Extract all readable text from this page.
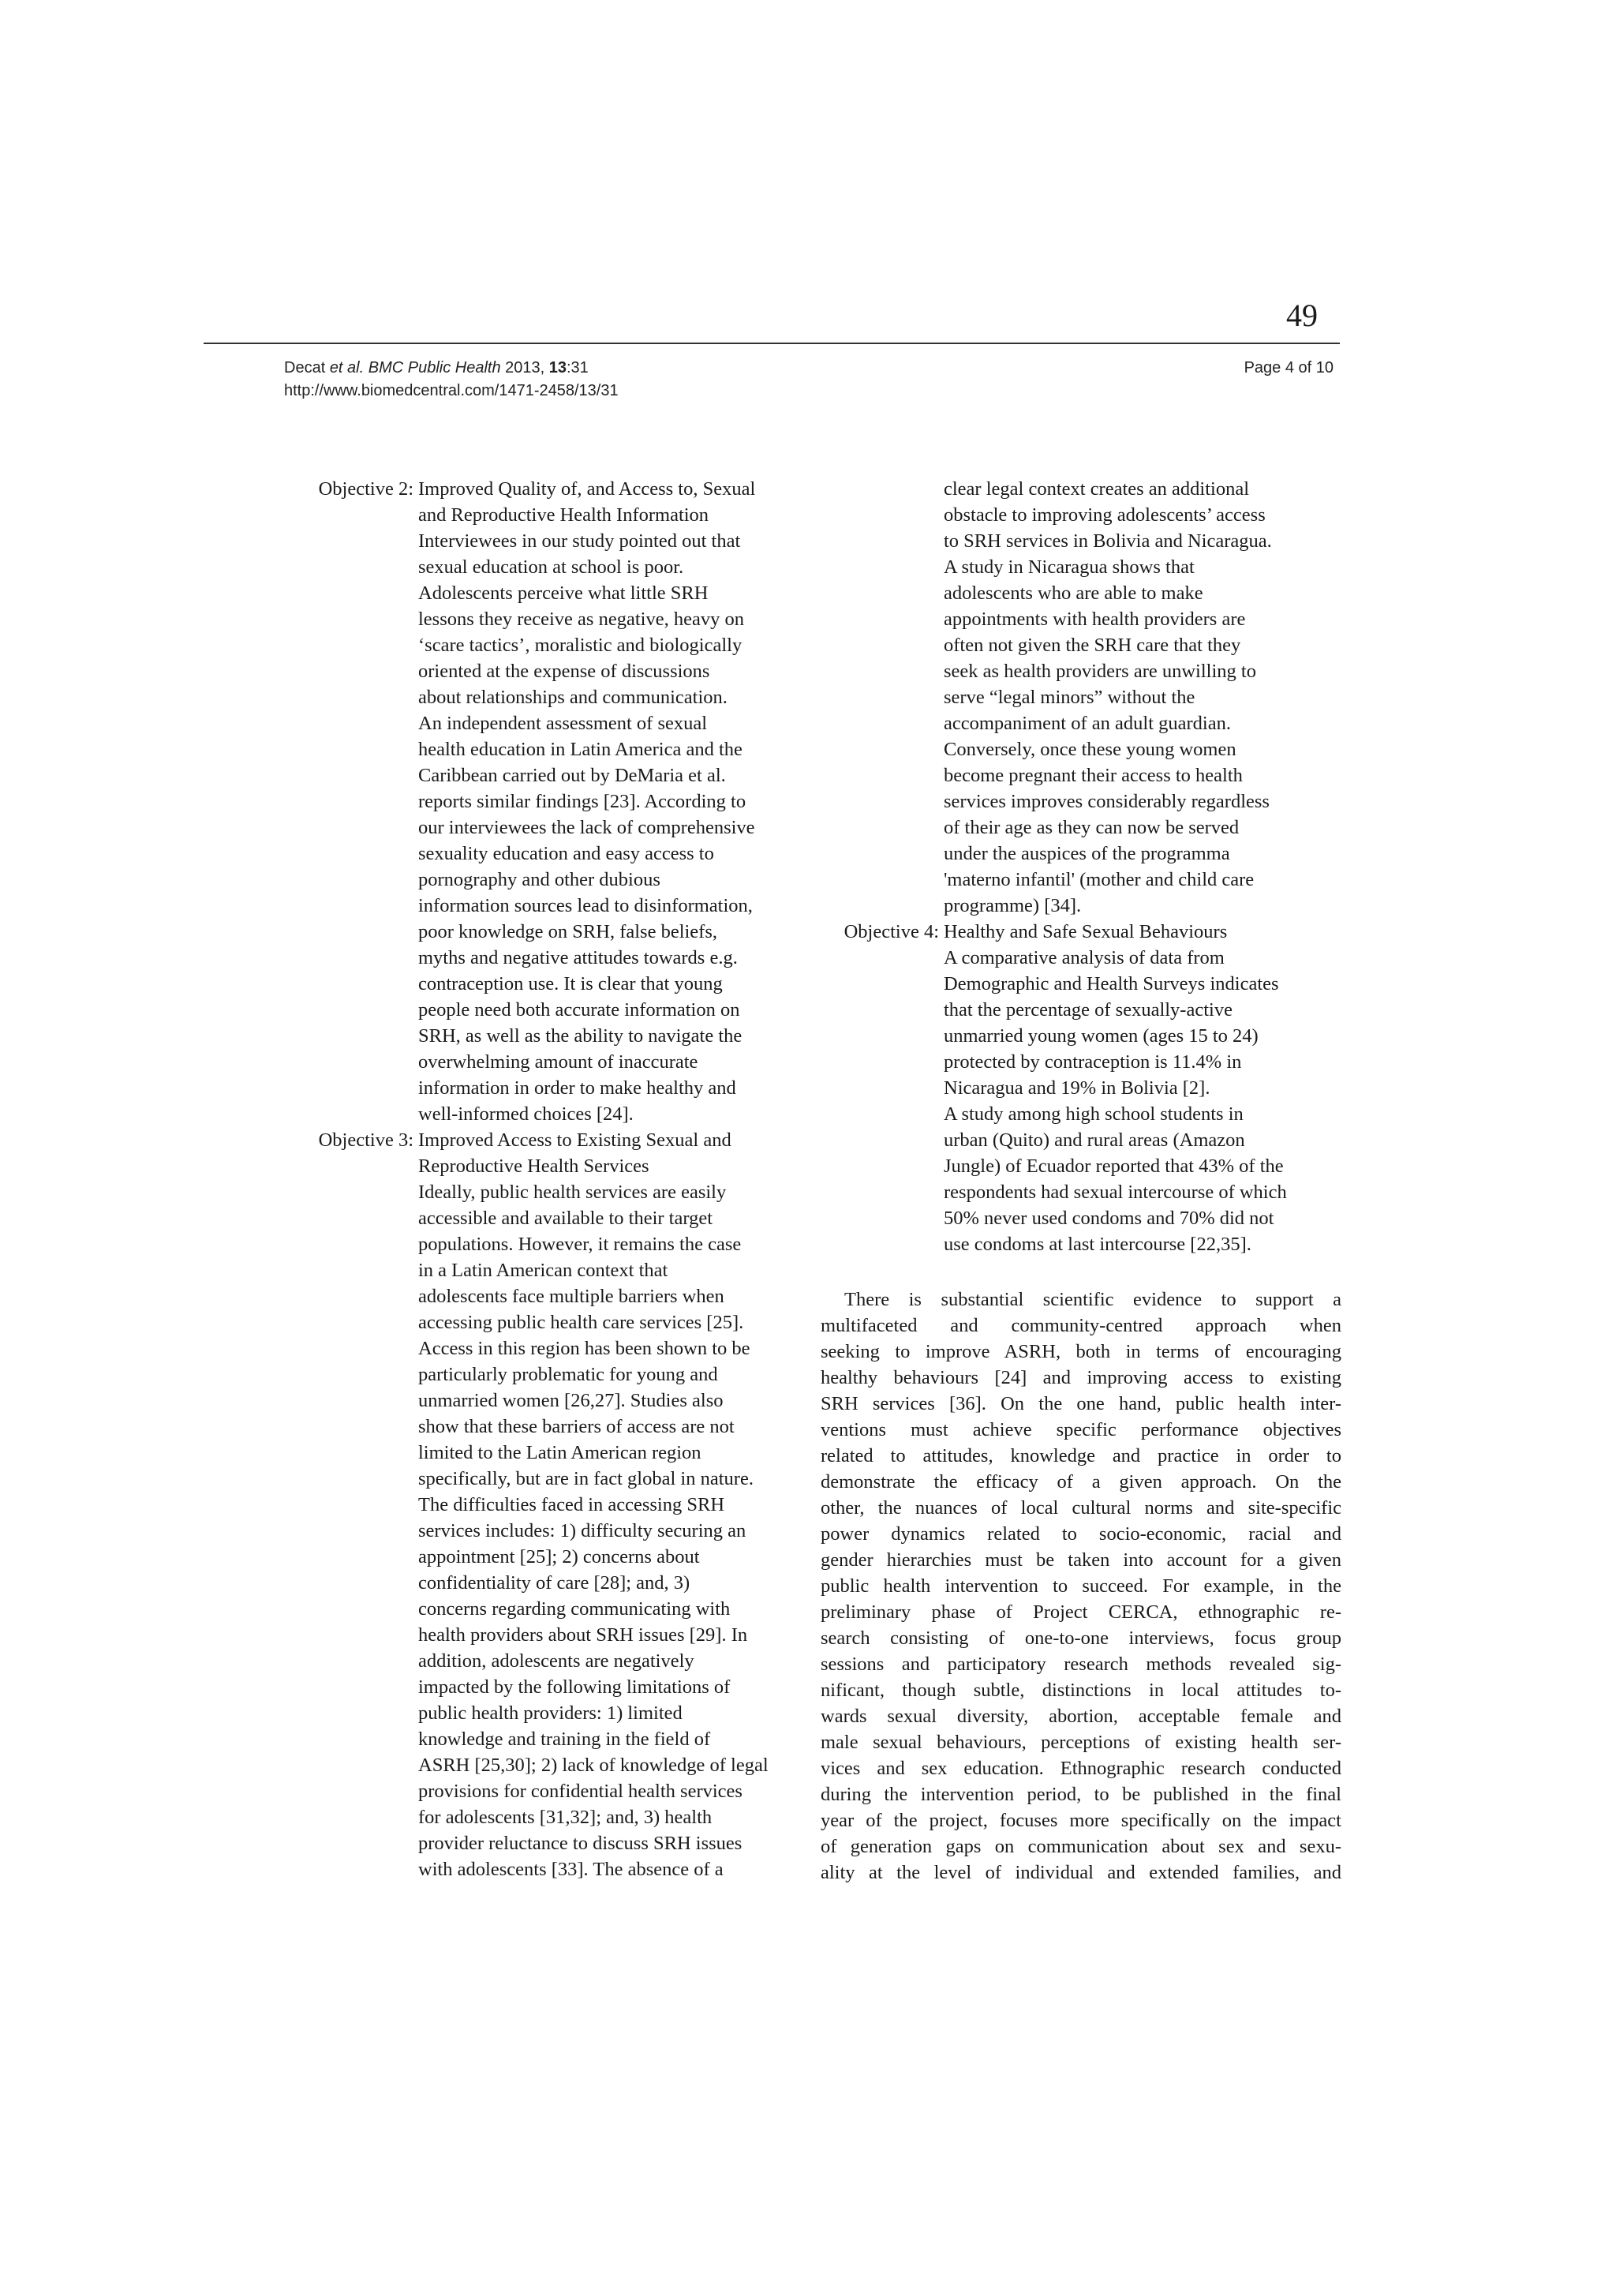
49
Decat et al. BMC Public Health 2013, 13:31
http://www.biomedcentral.com/1471-2458/13/31
Page 4 of 10
Objective 2: Improved Quality of, and Access to, Sexual
and Reproductive Health Information
Interviewees in our study pointed out that
sexual education at school is poor.
Adolescents perceive what little SRH
lessons they receive as negative, heavy on
‘scare tactics’, moralistic and biologically
oriented at the expense of discussions
about relationships and communication.
An independent assessment of sexual
health education in Latin America and the
Caribbean carried out by DeMaria et al.
reports similar findings [23]. According to
our interviewees the lack of comprehensive
sexuality education and easy access to
pornography and other dubious
information sources lead to disinformation,
poor knowledge on SRH, false beliefs,
myths and negative attitudes towards e.g.
contraception use. It is clear that young
people need both accurate information on
SRH, as well as the ability to navigate the
overwhelming amount of inaccurate
information in order to make healthy and
well-informed choices [24].
Objective 3: Improved Access to Existing Sexual and
Reproductive Health Services
Ideally, public health services are easily
accessible and available to their target
populations. However, it remains the case
in a Latin American context that
adolescents face multiple barriers when
accessing public health care services [25].
Access in this region has been shown to be
particularly problematic for young and
unmarried women [26,27]. Studies also
show that these barriers of access are not
limited to the Latin American region
specifically, but are in fact global in nature.
The difficulties faced in accessing SRH
services includes: 1) difficulty securing an
appointment [25]; 2) concerns about
confidentiality of care [28]; and, 3)
concerns regarding communicating with
health providers about SRH issues [29]. In
addition, adolescents are negatively
impacted by the following limitations of
public health providers: 1) limited
knowledge and training in the field of
ASRH [25,30]; 2) lack of knowledge of legal
provisions for confidential health services
for adolescents [31,32]; and, 3) health
provider reluctance to discuss SRH issues
with adolescents [33]. The absence of a
clear legal context creates an additional
obstacle to improving adolescents’ access
to SRH services in Bolivia and Nicaragua.
A study in Nicaragua shows that
adolescents who are able to make
appointments with health providers are
often not given the SRH care that they
seek as health providers are unwilling to
serve “legal minors” without the
accompaniment of an adult guardian.
Conversely, once these young women
become pregnant their access to health
services improves considerably regardless
of their age as they can now be served
under the auspices of the programma
'materno infantil' (mother and child care
programme) [34].
Objective 4: Healthy and Safe Sexual Behaviours
A comparative analysis of data from
Demographic and Health Surveys indicates
that the percentage of sexually-active
unmarried young women (ages 15 to 24)
protected by contraception is 11.4% in
Nicaragua and 19% in Bolivia [2].
A study among high school students in
urban (Quito) and rural areas (Amazon
Jungle) of Ecuador reported that 43% of the
respondents had sexual intercourse of which
50% never used condoms and 70% did not
use condoms at last intercourse [22,35].
There is substantial scientific evidence to support a
multifaceted and community-centred approach when
seeking to improve ASRH, both in terms of encouraging
healthy behaviours [24] and improving access to existing
SRH services [36]. On the one hand, public health inter-
ventions must achieve specific performance objectives
related to attitudes, knowledge and practice in order to
demonstrate the efficacy of a given approach. On the
other, the nuances of local cultural norms and site-specific
power dynamics related to socio-economic, racial and
gender hierarchies must be taken into account for a given
public health intervention to succeed. For example, in the
preliminary phase of Project CERCA, ethnographic re-
search consisting of one-to-one interviews, focus group
sessions and participatory research methods revealed sig-
nificant, though subtle, distinctions in local attitudes to-
wards sexual diversity, abortion, acceptable female and
male sexual behaviours, perceptions of existing health ser-
vices and sex education. Ethnographic research conducted
during the intervention period, to be published in the final
year of the project, focuses more specifically on the impact
of generation gaps on communication about sex and sexu-
ality at the level of individual and extended families, and
